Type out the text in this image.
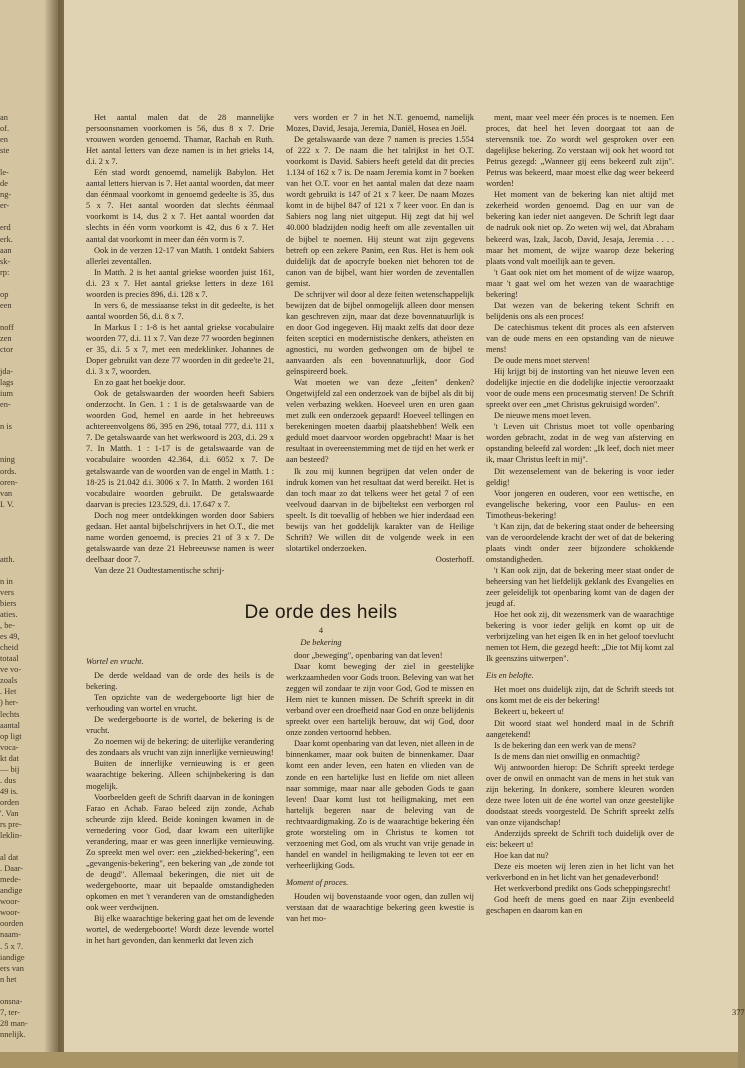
an
of.
en
ste

le-
de
ng-
er-

erd
erk.
aan
sk-
rp:

op
een

noff
zen
ctor

jda-
lags
ium
en-

n is

ning
ords.
oren-
van
I. V.

atth.

n in
vers
biers
aties.
, be-
es 49,
cheid
totaal
ve vo-
zoals
. Het
) her-
lechts
aantal
op ligt
voca-
kt dat
— bij
. dus
49 is.
orden
'. Van
rs pre-
leklin-

al dat
. Daar-
mede-
andige
woor-
woor-
oorden
naam-
. 5 x 7.
iandige
ers van
n het

onsna-
7, ter-
28 man-
nnelijk.

Het aantal malen dat de 28 mannelijke persoonsnamen voorkomen is 56, dus 8 x 7. Drie vrouwen worden genoemd. Thamar, Rachab en Ruth. Het aantal letters van deze namen is in het grieks 14, d.i. 2 x 7.

Eén stad wordt genoemd, namelijk Babylon. Het aantal letters hiervan is 7. Het aantal woorden, dat meer dan éénmaal voorkomt in genoemd gedeelte is 35, dus 5 x 7. Het aantal woorden dat slechts éénmaal voorkomt is 14, dus 2 x 7. Het aantal woorden dat slechts in één vorm voorkomt is 42, dus 6 x 7. Het aantal dat voorkomt in meer dan één vorm is 7.

Ook in de verzen 12-17 van Matth. 1 ontdekt Sabiers allerlei zeventallen.

In Matth. 2 is het aantal griekse woorden juist 161, d.i. 23 x 7. Het aantal griekse letters in deze 161 woorden is precies 896, d.i. 128 x 7.

In vers 6, de messiaanse tekst in dit gedeelte, is het aantal woorden 56, d.i. 8 x 7.

In Markus I : 1-8 is het aantal griekse vocabulaire woorden 77, d.i. 11 x 7. Van deze 77 woorden beginnen er 35, d.i. 5 x 7, met een medeklinker. Johannes de Doper gebruikt van deze 77 woorden in dit gedee'te 21, d.i. 3 x 7, woorden.

En zo gaat het boekje door.

Ook de getalswaarden der woorden heeft Sabiers onderzocht. In Gen. 1 : 1 is de getalswaarde van de woorden God, hemel en aarde in het hebreeuws achtereenvolgens 86, 395 en 296, totaal 777, d.i. 111 x 7. De getalswaarde van het werkwoord is 203, d.i. 29 x 7. In Matth. 1 : 1-17 is de getalswaarde van de vocabulaire woorden 42.364, d.i. 6052 x 7. De getalswaarde van de woorden van de engel in Matth. 1 : 18-25 is 21.042 d.i. 3006 x 7. In Matth. 2 worden 161 vocabulaire woorden gebruikt. De getalswaarde daarvan is precies 123.529, d.i. 17.647 x 7.

Doch nog meer ontdekkingen worden door Sabiers gedaan. Het aantal bijbelschrijvers in het O.T., die met name worden genoemd, is precies 21 of 3 x 7. De getalswaarde van deze 21 Hebreeuwse namen is weer deelbaar door 7.

Van deze 21 Oudtestamentische schrij-

vers worden er 7 in het N.T. genoemd, namelijk Mozes, David, Jesaja, Jeremia, Daniël, Hosea en Joël.

De getalswaarde van deze 7 namen is precies 1.554 of 222 x 7. De naam die het talrijkst in het O.T. voorkomt is David. Sabiers heeft geteld dat dit precies 1.134 of 162 x 7 is. De naam Jeremia komt in 7 boeken van het O.T. voor en het aantal malen dat deze naam wordt gebruikt is 147 of 21 x 7 keer. De naam Mozes komt in de bijbel 847 of 121 x 7 keer voor. En dan is Sabiers nog lang niet uitgeput. Hij zegt dat hij wel 40.000 bladzijden nodig heeft om alle zeventallen uit de bijbel te noemen. Hij steunt wat zijn gegevens betreft op een zekere Panim, een Rus. Het is hem ook duidelijk dat de apocryfe boeken niet behoren tot de canon van de bijbel, want hier worden de zeventallen gemist.

De schrijver wil door al deze feiten wetenschappelijk bewijzen dat de bijbel onmogelijk alleen door mensen kan geschreven zijn, maar dat deze bovennatuurlijk is en door God ingegeven. Hij maakt zelfs dat door deze feiten sceptici en modernistische denkers, atheïsten en agnostici, nu worden gedwongen om de bijbel te aanvaarden als een bovennatuurlijk, door God geïnspireerd boek.

Wat moeten we van deze „feiten" denken? Ongetwijfeld zal een onderzoek van de bijbel als dit bij velen verbazing wekken. Hoeveel uren en uren gaan met zulk een onderzoek gepaard! Hoeveel tellingen en berekeningen moeten daarbij plaatshebben! Welk een geduld moet daarvoor worden opgebracht! Maar is het resultaat in overeenstemming met de tijd en het werk er aan besteed?

Ik zou mij kunnen begrijpen dat velen onder de indruk komen van het resultaat dat werd bereikt. Het is dan toch maar zo dat telkens weer het getal 7 of een veelvoud daarvan in de bijbeltekst een verborgen rol speelt. Is dit toevallig of hebben we hier inderdaad een bewijs van het goddelijk karakter van de Heilige Schrift? We willen dit de volgende week in een slotartikel onderzoeken.

Oosterhoff.

ment, maar veel meer één proces is te noemen. Een proces, dat heel het leven doorgaat tot aan de stervensnik toe. Zo wordt wel gesproken over een dagelijkse bekering. Zo verstaan wij ook het woord tot Petrus gezegd: „Wanneer gij eens bekeerd zult zijn". Petrus was bekeerd, maar moest elke dag weer bekeerd worden!

Het moment van de bekering kan niet altijd met zekerheid worden genoemd. Dag en uur van de bekering kan ieder niet aangeven. De Schrift legt daar de nadruk ook niet op. Zo weten wij wel, dat Abraham bekeerd was, Izak, Jacob, David, Jesaja, Jeremia . . . . maar het moment, de wijze waarop deze bekering plaats vond valt moeilijk aan te geven.

't Gaat ook niet om het moment of de wijze waarop, maar 't gaat wel om het wezen van de waarachtige bekering!

Dat wezen van de bekering tekent Schrift en belijdenis ons als een proces!

De catechismus tekent dit proces als een afsterven van de oude mens en een opstanding van de nieuwe mens!

De oude mens moet sterven!

Hij krijgt bij de instorting van het nieuwe leven een dodelijke injectie en die dodelijke injectie veroorzaakt voor de oude mens een procesmatig sterven! De Schrift spreekt over een „met Christus gekruisigd worden".

De nieuwe mens moet leven.

't Leven uit Christus moet tot volle openbaring worden gebracht, zodat in de weg van afsterving en opstanding beleefd zal worden: „Ik leef, doch niet meer ik, maar Christus leeft in mij".

Dit wezenselement van de bekering is voor ieder geldig!

Voor jongeren en ouderen, voor een wettische, en evangelische bekering, voor een Paulus- en een Timotheus-bekering!

't Kan zijn, dat de bekering staat onder de beheersing van de veroordelende kracht der wet of dat de bekering plaats vindt onder zeer bijzondere schokkende omstandigheden.

't Kan ook zijn, dat de bekering meer staat onder de beheersing van het liefdelijk geklank des Evangelies en zeer geleidelijk tot openbaring komt van de dagen der jeugd af.

Hoe het ook zij, dit wezensmerk van de waarachtige bekering is voor ieder gelijk en komt op uit de verbrijzeling van het eigen Ik en in het geloof toevlucht nemen tot Hem, die gezegd heeft: „Die tot Mij komt zal Ik geenszins uitwerpen".

Eis en belofte.

Het moet ons duidelijk zijn, dat de Schrift steeds tot ons komt met de eis der bekering!

Bekeert u, bekeert u!

Dit woord staat wel honderd maal in de Schrift aangetekend!

Is de bekering dan een werk van de mens?

Is de mens dan niet onwillig en onmachtig?

Wij antwoorden hierop: De Schrift spreekt terdege over de onwil en onmacht van de mens in het stuk van zijn bekering. In donkere, sombere kleuren worden deze twee loten uit de éne wortel van onze geestelijke doodstaat steeds voorgesteld. De Schrift spreekt zelfs van onze vijandschap!

Anderzijds spreekt de Schrift toch duidelijk over de eis: bekeert u!

Hoe kan dat nu?

Deze eis moeten wij leren zien in het licht van het verkverbond en in het licht van het genadeverbond!

Het werkverbond predikt ons Gods scheppingsrecht!

God heeft de mens goed en naar Zijn evenbeeld geschapen en daarom kan en

De orde des heils
4
De bekering

Wortel en vrucht.

De derde weldaad van de orde des heils is de bekering.

Ten opzichte van de wedergeboorte ligt hier de verhouding van wortel en vrucht.

De wedergeboorte is de wortel, de bekering is de vrucht.

Zo noemen wij de bekering: de uiterlijke verandering des zondaars als vrucht van zijn innerlijke vernieuwing!

Buiten de innerlijke vernieuwing is er geen waarachtige bekering. Alleen schijnbekering is dan mogelijk.

Voorbeelden geeft de Schrift daarvan in de koningen Farao en Achab. Farao beleed zijn zonde, Achab scheurde zijn kleed. Beide koningen kwamen in de vernedering voor God, daar kwam een uiterlijke verandering, maar er was geen innerlijke vernieuwing. Zo spreekt men wel over: een „ziekbed-bekering", een „gevangenis-bekering", een bekering van „de zonde tot de deugd". Allemaal bekeringen, die niet uit de wedergeboorte, maar uit bepaalde omstandigheden opkomen en met 't veranderen van de omstandigheden ook weer verdwijnen.

Bij elke waarachtige bekering gaat het om de levende wortel, de wedergeboorte! Wordt deze levende wortel in het hart gevonden, dan kenmerkt dat leven zich

door „beweging", openbaring van dat leven!

Daar komt beweging der ziel in geestelijke werkzaamheden voor Gods troon. Beleving van wat het zeggen wil zondaar te zijn voor God, God te missen en Hem niet te kunnen missen. De Schrift spreekt in dit verband over een droefheid naar God en onze belijdenis spreekt over een hartelijk berouw, dat wij God, door onze zonden vertoornd hebben.

Daar komt openbaring van dat leven, niet alleen in de binnenkamer, maar ook buiten de binnenkamer. Daar komt een ander leven, een haten en vlieden van de zonde en een hartelijke lust en liefde om niet alleen naar sommige, maar naar alle geboden Gods te gaan leven! Daar komt lust tot heiligmaking, met een hartelijk begeren naar de beleving van de rechtvaardigmaking. Zo is de waarachtige bekering één grote worsteling om in Christus te komen tot verzoening met God, om als vrucht van vrije genade in handel en wandel in heiligmaking te leven tot eer en verheerlijking Gods.

Moment of proces.

Houden wij bovenstaande voor ogen, dan zullen wij verstaan dat de waarachtige bekering geen kwestie is van het mo-

377
